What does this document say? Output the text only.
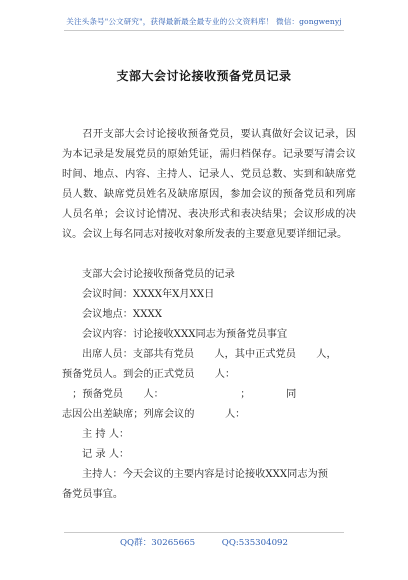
关注头条号"公文研究"，获得最新最全最专业的公文资料库！ 微信：gongwenyj
支部大会讨论接收预备党员记录

召开支部大会讨论接收预备党员，要认真做好会议记录，因为本记录是发展党员的原始凭证，需归档保存。记录要写清会议时间、地点、内容、主持人、记录人、党员总数、实到和缺席党员人数、缺席党员姓名及缺席原因，参加会议的预备党员和列席人员名单；会议讨论情况、表决形式和表决结果；会议形成的决议。会议上每名同志对接收对象所发表的主要意见要详细记录。

支部大会讨论接收预备党员的记录

会议时间：XXXX年X月XX日

会议地点：XXXX

会议内容：讨论接收XXX同志为预备党员事宜

出席人员：支部共有党员　　人，其中正式党员　　人，

预备党员人。到会的正式党员　　人：

　；预备党员　　人：　　　　　　　　；　　　　同

志因公出差缺席；列席会议的　　　人：

主 持 人：

记 录 人：

主持人：今天会议的主要内容是讨论接收XXX同志为预

备党员事宜。

QQ群：30265665	QQ:535304092
